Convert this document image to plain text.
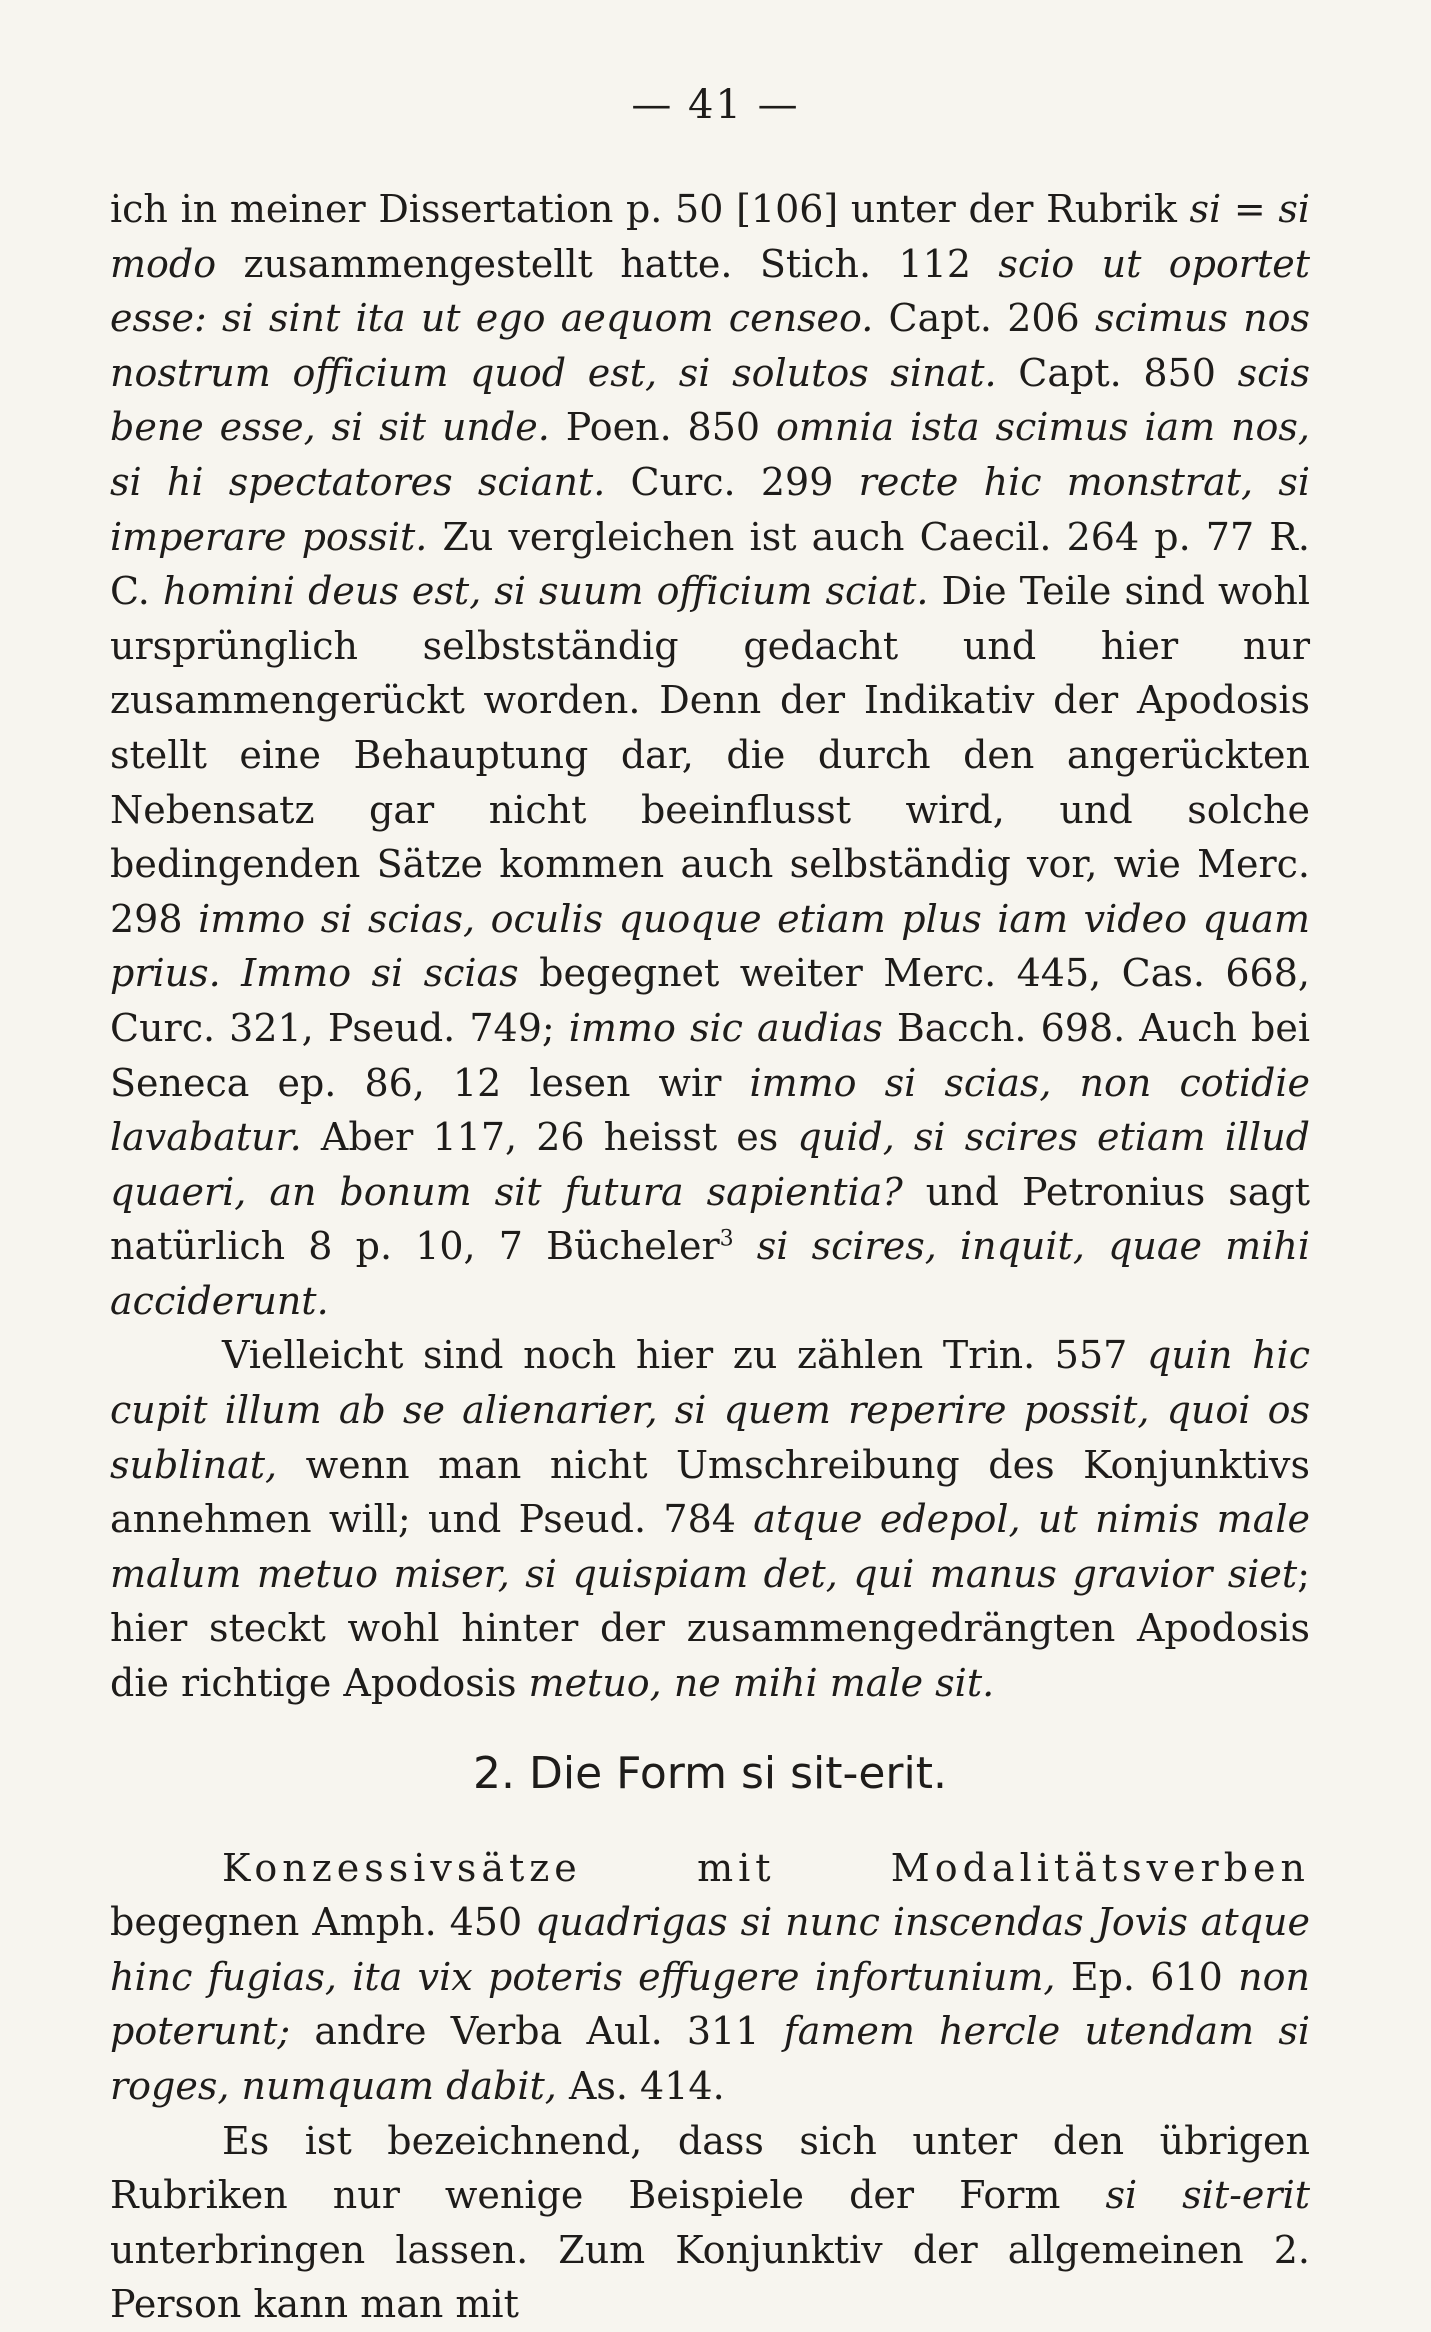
— 41 —

ich in meiner Dissertation p. 50 [106] unter der Rubrik si = si modo zusammengestellt hatte. Stich. 112 scio ut oportet esse: si sint ita ut ego aequom censeo. Capt. 206 scimus nos nostrum officium quod est, si solutos sinat. Capt. 850 scis bene esse, si sit unde. Poen. 850 omnia ista scimus iam nos, si hi spectatores sciant. Curc. 299 recte hic monstrat, si imperare possit. Zu vergleichen ist auch Caecil. 264 p. 77 R. C. homini deus est, si suum officium sciat. Die Teile sind wohl ursprünglich selbstständig gedacht und hier nur zusammengerückt worden. Denn der Indikativ der Apodosis stellt eine Behauptung dar, die durch den angerückten Nebensatz gar nicht beeinflusst wird, und solche bedingenden Sätze kommen auch selbständig vor, wie Merc. 298 immo si scias, oculis quoque etiam plus iam video quam prius. Immo si scias begegnet weiter Merc. 445, Cas. 668, Curc. 321, Pseud. 749; immo sic audias Bacch. 698. Auch bei Seneca ep. 86, 12 lesen wir immo si scias, non cotidie lavabatur. Aber 117, 26 heisst es quid, si scires etiam illud quaeri, an bonum sit futura sapientia? und Petronius sagt natürlich 8 p. 10, 7 Bücheler$^3$ si scires, inquit, quae mihi acciderunt.

Vielleicht sind noch hier zu zählen Trin. 557 quin hic cupit illum ab se alienarier, si quem reperire possit, quoi os sublinat, wenn man nicht Umschreibung des Konjunktivs annehmen will; und Pseud. 784 atque edepol, ut nimis male malum metuo miser, si quispiam det, qui manus gravior siet; hier steckt wohl hinter der zusammengedrängten Apodosis die richtige Apodosis metuo, ne mihi male sit.

2. Die Form si sit-erit.

Konzessivsätze mit Modalitätsverben begegnen Amph. 450 quadrigas si nunc inscendas Jovis atque hinc fugias, ita vix poteris effugere infortunium, Ep. 610 non poterunt; andre Verba Aul. 311 famem hercle utendam si roges, numquam dabit, As. 414.

Es ist bezeichnend, dass sich unter den übrigen Rubriken nur wenige Beispiele der Form si sit-erit unterbringen lassen. Zum Konjunktiv der allgemeinen 2. Person kann man mit
